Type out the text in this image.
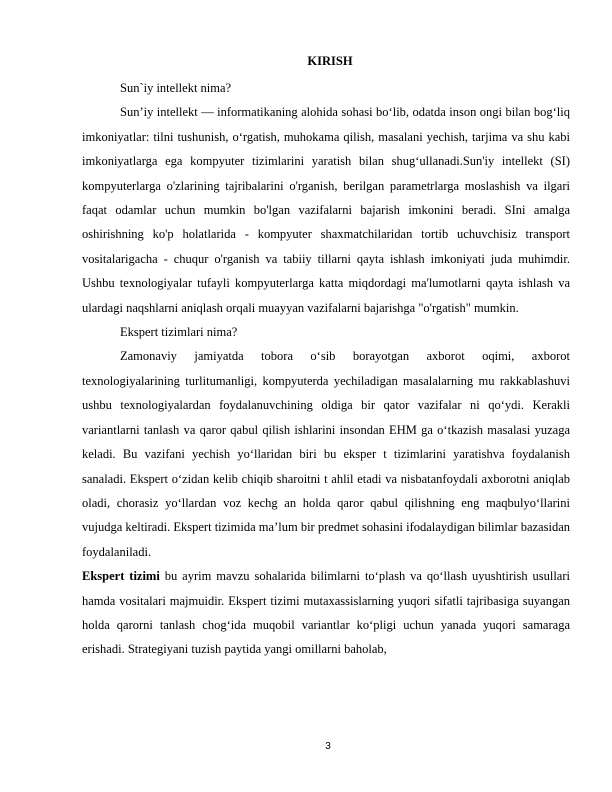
KIRISH

Sun`iy intellekt nima?

Sun’iy intellekt — informatikaning alohida sohasi bo‘lib, odatda inson ongi bilan bog‘liq imkoniyatlar: tilni tushunish, o‘rgatish, muhokama qilish, masalani yechish, tarjima va shu kabi imkoniyatlarga ega kompyuter tizimlarini yaratish bilan shug‘ullanadi.Sun'iy intellekt (SI) kompyuterlarga o'zlarining tajribalarini o'rganish, berilgan parametrlarga moslashish va ilgari faqat odamlar uchun mumkin bo'lgan vazifalarni bajarish imkonini beradi. SIni amalga oshirishning ko'p holatlarida - kompyuter shaxmatchilaridan tortib uchuvchisiz transport vositalarigacha - chuqur o'rganish va tabiiy tillarni qayta ishlash imkoniyati juda muhimdir. Ushbu texnologiyalar tufayli kompyuterlarga katta miqdordagi ma'lumotlarni qayta ishlash va ulardagi naqshlarni aniqlash orqali muayyan vazifalarni bajarishga "o'rgatish" mumkin.

Ekspert tizimlari nima?

Zamonaviy jamiyatda tobora o‘sib borayotgan axborot oqimi, axborot texnologiyalarining turlitumanligi, kompyuterda yechiladigan masalalarning mu rakkablashuvi ushbu texnologiyalardan foydalanuvchining oldiga bir qator vazifalar ni qo‘ydi. Kerakli variantlarni tanlash va qaror qabul qilish ishlarini insondan EHM ga o‘tkazish masalasi yuzaga keladi. Bu vazifani yechish yo‘llaridan biri bu eksper t tizimlarini yaratishva foydalanish sanaladi. Ekspert o‘zidan kelib chiqib sharoitni t ahlil etadi va nisbatanfoydali axborotni aniqlab oladi, chorasiz yo‘llardan voz kechg an holda qaror qabul qilishning eng maqbulyo‘llarini vujudga keltiradi. Ekspert tizimida ma’lum bir predmet sohasini ifodalaydigan bilimlar bazasidan foydalaniladi.

Ekspert tizimi bu ayrim mavzu sohalarida bilimlarni to‘plash va qo‘llash uyushtirish usullari hamda vositalari majmuidir. Ekspert tizimi mutaxassislarning yuqori sifatli tajribasiga suyangan holda qarorni tanlash chog‘ida muqobil variantlar ko‘pligi uchun yanada yuqori samaraga erishadi. Strategiyani tuzish paytida yangi omillarni baholab,

3
